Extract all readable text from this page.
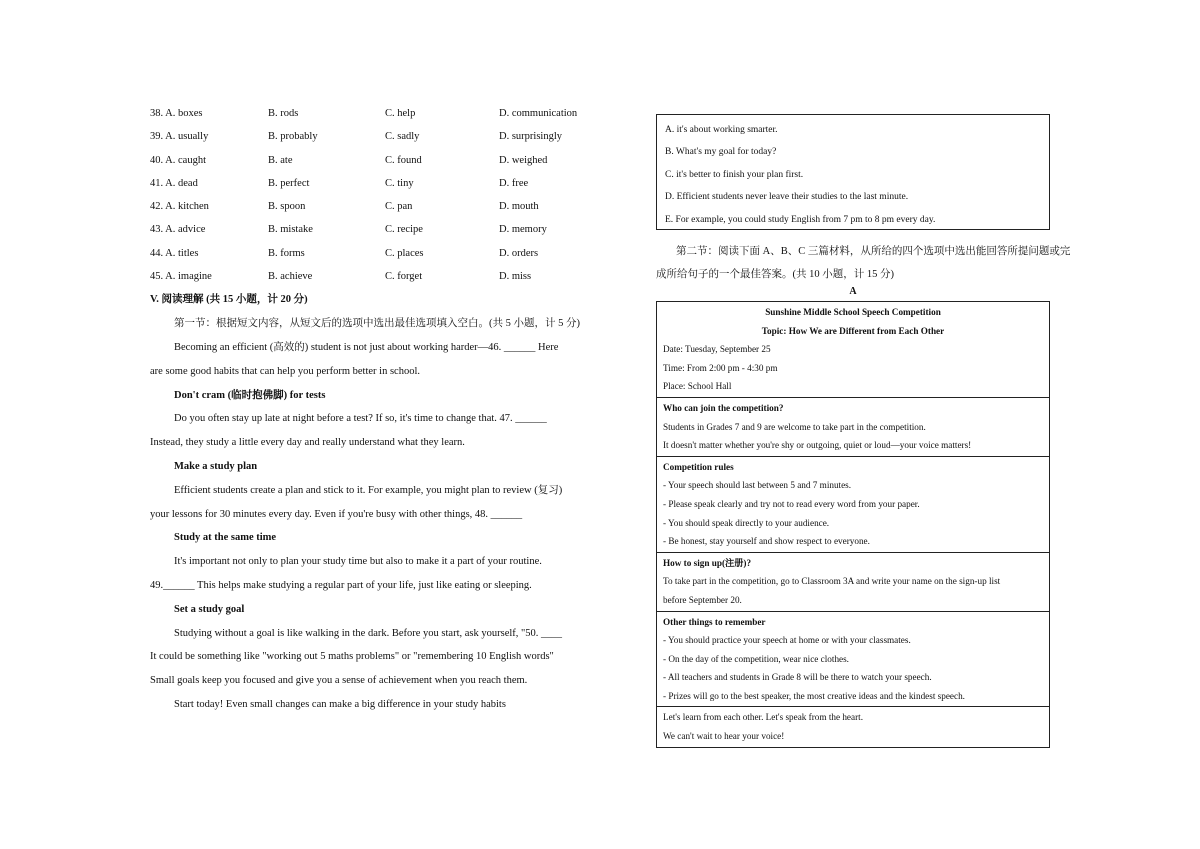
38. A. boxes	B. rods	C. help	D. communication
39. A. usually	B. probably	C. sadly	D. surprisingly
40. A. caught	B. ate	C. found	D. weighed
41. A. dead	B. perfect	C. tiny	D. free
42. A. kitchen	B. spoon	C. pan	D. mouth
43. A. advice	B. mistake	C. recipe	D. memory
44. A. titles	B. forms	C. places	D. orders
45. A. imagine	B. achieve	C. forget	D. miss
V. 阅读理解 (共 15 小题，计 20 分)
第一节：根据短文内容，从短文后的选项中选出最佳选项填入空白。(共 5 小题，计 5 分)
Becoming an efficient (高效的) student is not just about working harder—46. ______ Here
are some good habits that can help you perform better in school.
Don't cram (临时抱佛脚) for tests
Do you often stay up late at night before a test? If so, it's time to change that. 47. ______
Instead, they study a little every day and really understand what they learn.
Make a study plan
Efficient students create a plan and stick to it. For example, you might plan to review (复习)
your lessons for 30 minutes every day. Even if you're busy with other things, 48. ______
Study at the same time
It's important not only to plan your study time but also to make it a part of your routine.
49.______ This helps make studying a regular part of your life, just like eating or sleeping.
Set a study goal
Studying without a goal is like walking in the dark. Before you start, ask yourself, "50. ____
It could be something like "working out 5 maths problems" or "remembering 10 English words"
Small goals keep you focused and give you a sense of achievement when you reach them.
Start today! Even small changes can make a big difference in your study habits
A. it's about working smarter.
B. What's my goal for today?
C. it's better to finish your plan first.
D. Efficient students never leave their studies to the last minute.
E. For example, you could study English from 7 pm to 8 pm every day.
第二节：阅读下面 A、B、C 三篇材料，从所给的四个选项中选出能回答所提问题或完
成所给句子的一个最佳答案。(共 10 小题，计 15 分)
A
Sunshine Middle School Speech Competition
Topic: How We are Different from Each Other
Date: Tuesday, September 25
Time: From 2:00 pm - 4:30 pm
Place: School Hall
Who can join the competition?
Students in Grades 7 and 9 are welcome to take part in the competition.
It doesn't matter whether you're shy or outgoing, quiet or loud—your voice matters!
Competition rules
- Your speech should last between 5 and 7 minutes.
- Please speak clearly and try not to read every word from your paper.
- You should speak directly to your audience.
- Be honest, stay yourself and show respect to everyone.
How to sign up(注册)?
To take part in the competition, go to Classroom 3A and write your name on the sign-up list
before September 20.
Other things to remember
- You should practice your speech at home or with your classmates.
- On the day of the competition, wear nice clothes.
- All teachers and students in Grade 8 will be there to watch your speech.
- Prizes will go to the best speaker, the most creative ideas and the kindest speech.
Let's learn from each other. Let's speak from the heart.
We can't wait to hear your voice!
